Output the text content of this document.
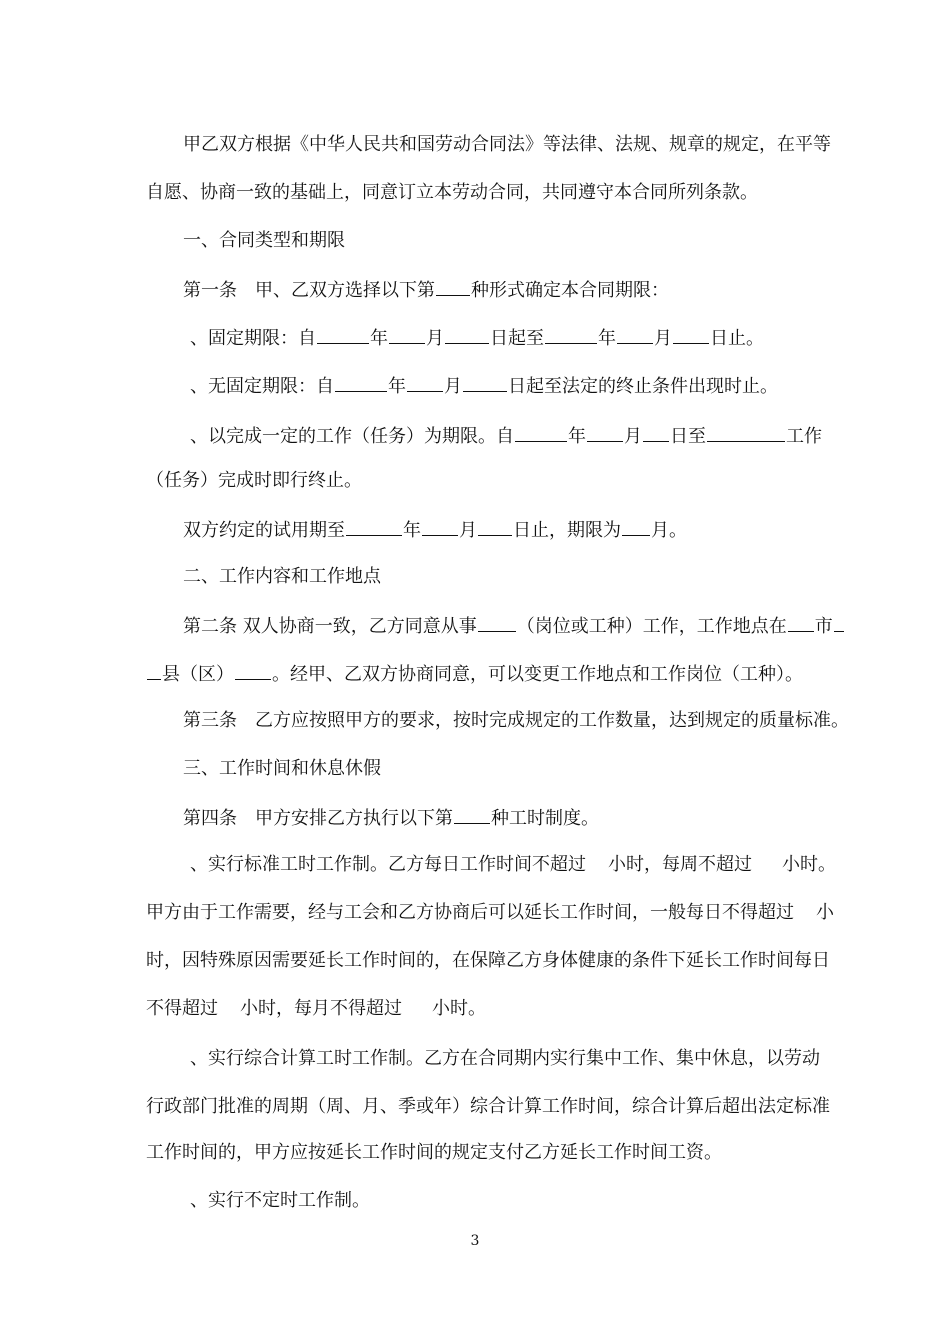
甲乙双方根据《中华人民共和国劳动合同法》等法律、法规、规章的规定，在平等
自愿、协商一致的基础上，同意订立本劳动合同，共同遵守本合同所列条款。
一、合同类型和期限
第一条　甲、乙双方选择以下第 种形式确定本合同期限：
、固定期限：自	年 月	日起至	年 月 日止。
、无固定期限：自	年 月	日起至法定的终止条件出现时止。
、以完成一定的工作（任务）为期限。自	年 月 日至	工作
（任务）完成时即行终止。
双方约定的试用期至	年 月 日止，期限为 月。
二、工作内容和工作地点
第二条 双人协商一致，乙方同意从事 （岗位或工种）工作，工作地点在 市
县（区） 。经甲、乙双方协商同意，可以变更工作地点和工作岗位（工种）。
第三条　乙方应按照甲方的要求，按时完成规定的工作数量，达到规定的质量标准。
三、工作时间和休息休假
第四条　甲方安排乙方执行以下第 种工时制度。
、实行标准工时工作制。乙方每日工作时间不超过 小时，每周不超过 小时。
甲方由于工作需要，经与工会和乙方协商后可以延长工作时间，一般每日不得超过 小
时，因特殊原因需要延长工作时间的，在保障乙方身体健康的条件下延长工作时间每日
不得超过 小时，每月不得超过 小时。
、实行综合计算工时工作制。乙方在合同期内实行集中工作、集中休息，以劳动
行政部门批准的周期（周、月、季或年）综合计算工作时间，综合计算后超出法定标准
工作时间的，甲方应按延长工作时间的规定支付乙方延长工作时间工资。
、实行不定时工作制。
3
